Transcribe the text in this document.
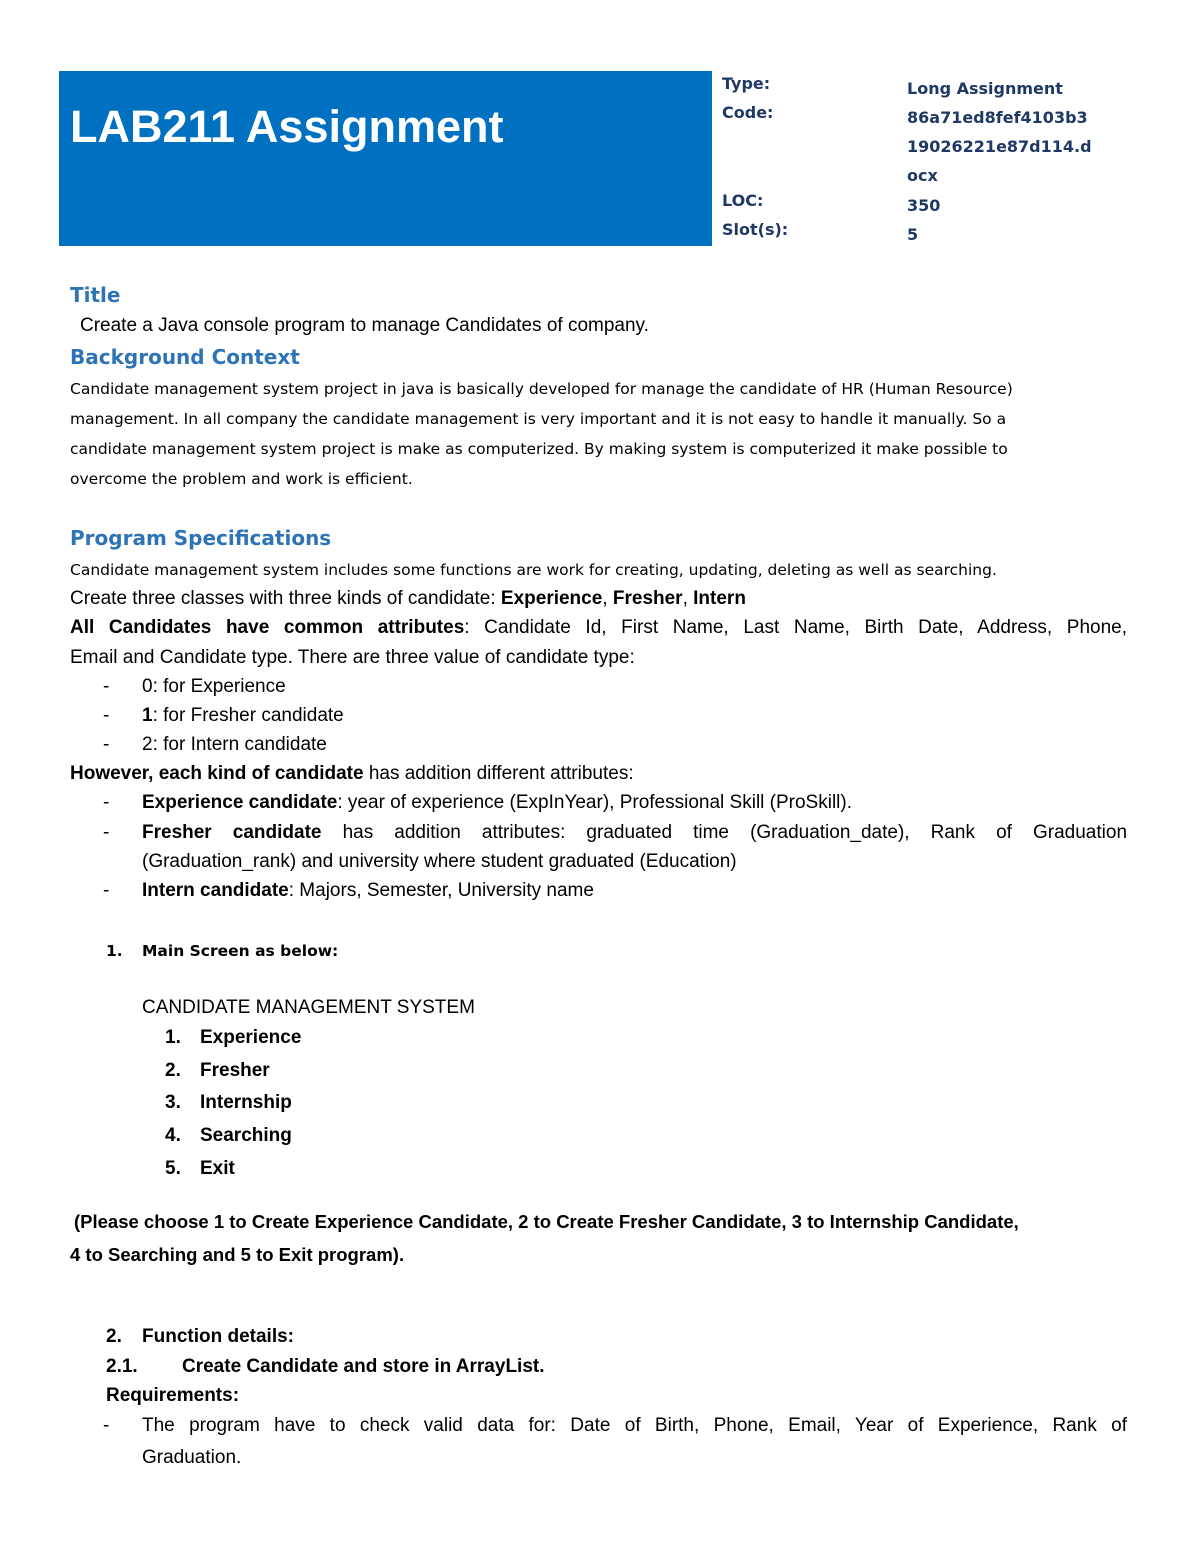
LAB211 Assignment
Type:	Long Assignment
Code:	86a71ed8fef4103b319026221e87d114.docx
LOC:	350
Slot(s):	5
Title
Create a Java console program to manage Candidates of company.
Background Context
Candidate management system project in java is basically developed for manage the candidate of HR (Human Resource)
management. In all company the candidate management is very important and it is not easy to handle it manually. So a
candidate management system project is make as computerized. By making system is computerized it make possible to
overcome the problem and work is efficient.
Program Specifications
Candidate management system includes some functions are work for creating, updating, deleting as well as searching.
Create three classes with three kinds of candidate: Experience, Fresher, Intern
All Candidates have common attributes: Candidate Id, First Name, Last Name, Birth Date, Address, Phone,
Email and Candidate type. There are three value of candidate type:
- 0: for Experience
- 1: for Fresher candidate
- 2: for Intern candidate
However, each kind of candidate has addition different attributes:
- Experience candidate: year of experience (ExpInYear), Professional Skill (ProSkill).
- Fresher candidate has addition attributes: graduated time (Graduation_date), Rank of Graduation
(Graduation_rank) and university where student graduated (Education)
- Intern candidate: Majors, Semester, University name
1. Main Screen as below:
CANDIDATE MANAGEMENT SYSTEM
1. Experience
2. Fresher
3. Internship
4. Searching
5. Exit
(Please choose 1 to Create Experience Candidate, 2 to Create Fresher Candidate, 3 to Internship Candidate,
4 to Searching and 5 to Exit program).
2. Function details:
2.1. Create Candidate and store in ArrayList.
Requirements:
- The program have to check valid data for: Date of Birth, Phone, Email, Year of Experience, Rank of
Graduation.
